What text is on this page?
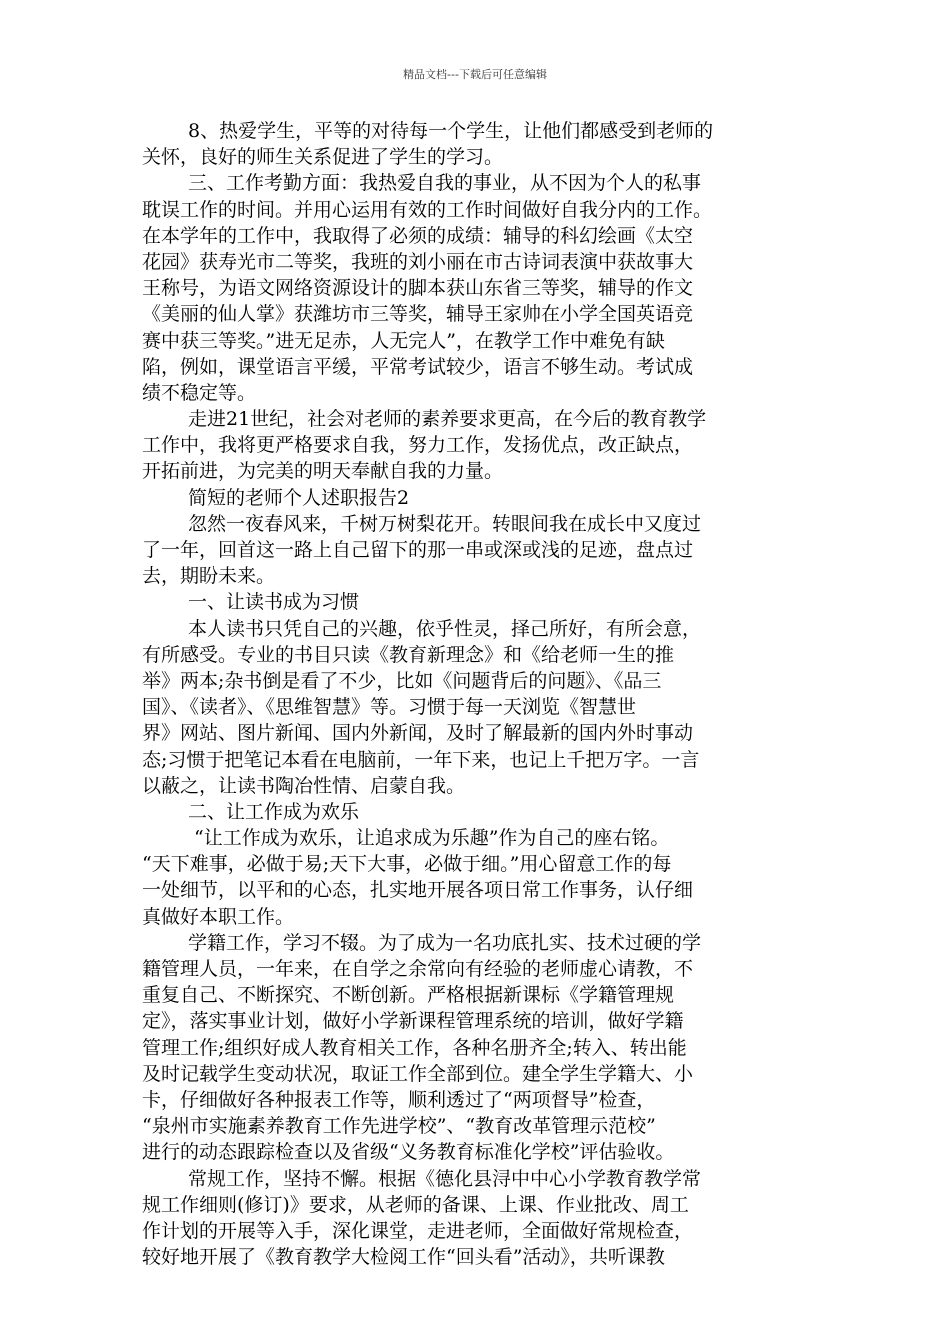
精品文档---下载后可任意编辑
8、热爱学生，平等的对待每一个学生，让他们都感受到老师的
关怀，良好的师生关系促进了学生的学习。
三、工作考勤方面：我热爱自我的事业，从不因为个人的私事
耽误工作的时间。并用心运用有效的工作时间做好自我分内的工作。
在本学年的工作中，我取得了必须的成绩：辅导的科幻绘画《太空
花园》获寿光市二等奖，我班的刘小丽在市古诗词表演中获故事大
王称号，为语文网络资源设计的脚本获山东省三等奖，辅导的作文
《美丽的仙人掌》获潍坊市三等奖，辅导王家帅在小学全国英语竞
赛中获三等奖。”进无足赤，人无完人”，在教学工作中难免有缺
陷，例如，课堂语言平缓，平常考试较少，语言不够生动。考试成
绩不稳定等。
走进21世纪，社会对老师的素养要求更高，在今后的教育教学
工作中，我将更严格要求自我，努力工作，发扬优点，改正缺点，
开拓前进，为完美的明天奉献自我的力量。
简短的老师个人述职报告2
忽然一夜春风来，千树万树梨花开。转眼间我在成长中又度过
了一年，回首这一路上自己留下的那一串或深或浅的足迹，盘点过
去，期盼未来。
一、让读书成为习惯
本人读书只凭自己的兴趣，依乎性灵，择己所好，有所会意，
有所感受。专业的书目只读《教育新理念》和《给老师一生的推
举》两本;杂书倒是看了不少，比如《问题背后的问题》、《品三
国》、《读者》、《思维智慧》等。习惯于每一天浏览《智慧世
界》网站、图片新闻、国内外新闻，及时了解最新的国内外时事动
态;习惯于把笔记本看在电脑前，一年下来，也记上千把万字。一言
以蔽之，让读书陶冶性情、启蒙自我。
二、让工作成为欢乐
“让工作成为欢乐，让追求成为乐趣”作为自己的座右铭。
“天下难事，必做于易;天下大事，必做于细。”用心留意工作的每
一处细节，以平和的心态，扎实地开展各项日常工作事务，认仔细
真做好本职工作。
学籍工作，学习不辍。为了成为一名功底扎实、技术过硬的学
籍管理人员，一年来，在自学之余常向有经验的老师虚心请教，不
重复自己、不断探究、不断创新。严格根据新课标《学籍管理规
定》，落实事业计划，做好小学新课程管理系统的培训，做好学籍
管理工作;组织好成人教育相关工作，各种名册齐全;转入、转出能
及时记载学生变动状况，取证工作全部到位。建全学生学籍大、小
卡，仔细做好各种报表工作等，顺利透过了“两项督导”检查，
“泉州市实施素养教育工作先进学校”、“教育改革管理示范校”
进行的动态跟踪检查以及省级“义务教育标准化学校”评估验收。
常规工作，坚持不懈。根据《德化县浔中中心小学教育教学常
规工作细则(修订)》要求，从老师的备课、上课、作业批改、周工
作计划的开展等入手，深化课堂，走进老师，全面做好常规检查，
较好地开展了《教育教学大检阅工作“回头看”活动》，共听课教
